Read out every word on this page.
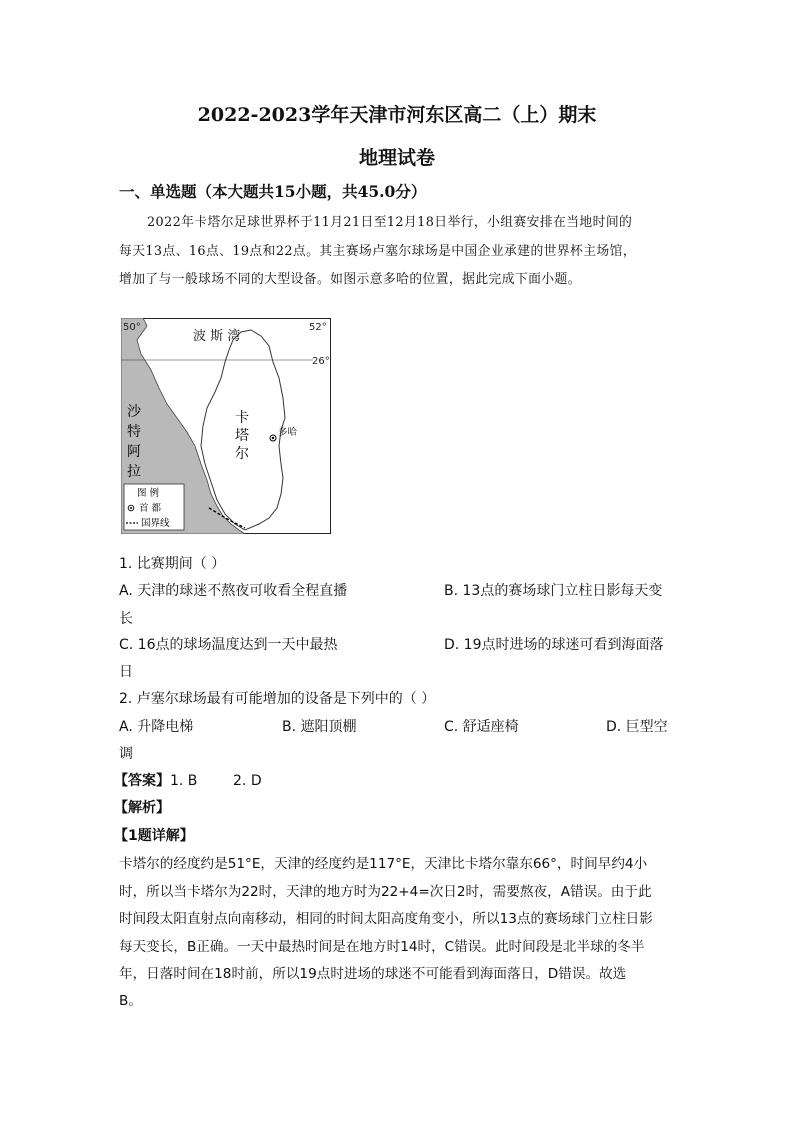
2022-2023学年天津市河东区高二（上）期末
地理试卷
一、单选题（本大题共15小题，共45.0分）
2022年卡塔尔足球世界杯于11月21日至12月18日举行，小组赛安排在当地时间的
每天13点、16点、19点和22点。其主赛场卢塞尔球场是中国企业承建的世界杯主场馆，
增加了与一般球场不同的大型设备。如图示意多哈的位置，据此完成下面小题。
50°	52°
26°
波 斯 湾
卡
塔
尔
沙
特
阿
拉
多哈
图 例
首 都
国界线
1. 比赛期间（ ）
A. 天津的球迷不熬夜可收看全程直播	B. 13点的赛场球门立柱日影每天变
长
C. 16点的球场温度达到一天中最热	D. 19点时进场的球迷可看到海面落
日
2. 卢塞尔球场最有可能增加的设备是下列中的（ ）
A. 升降电梯	B. 遮阳顶棚	C. 舒适座椅	D. 巨型空
调
【答案】1. B        2. D
【解析】
【1题详解】
卡塔尔的经度约是51°E，天津的经度约是117°E，天津比卡塔尔靠东66°，时间早约4小
时，所以当卡塔尔为22时，天津的地方时为22+4=次日2时，需要熬夜，A错误。由于此
时间段太阳直射点向南移动，相同的时间太阳高度角变小，所以13点的赛场球门立柱日影
每天变长，B正确。一天中最热时间是在地方时14时，C错误。此时间段是北半球的冬半
年，日落时间在18时前，所以19点时进场的球迷不可能看到海面落日，D错误。故选
B。
